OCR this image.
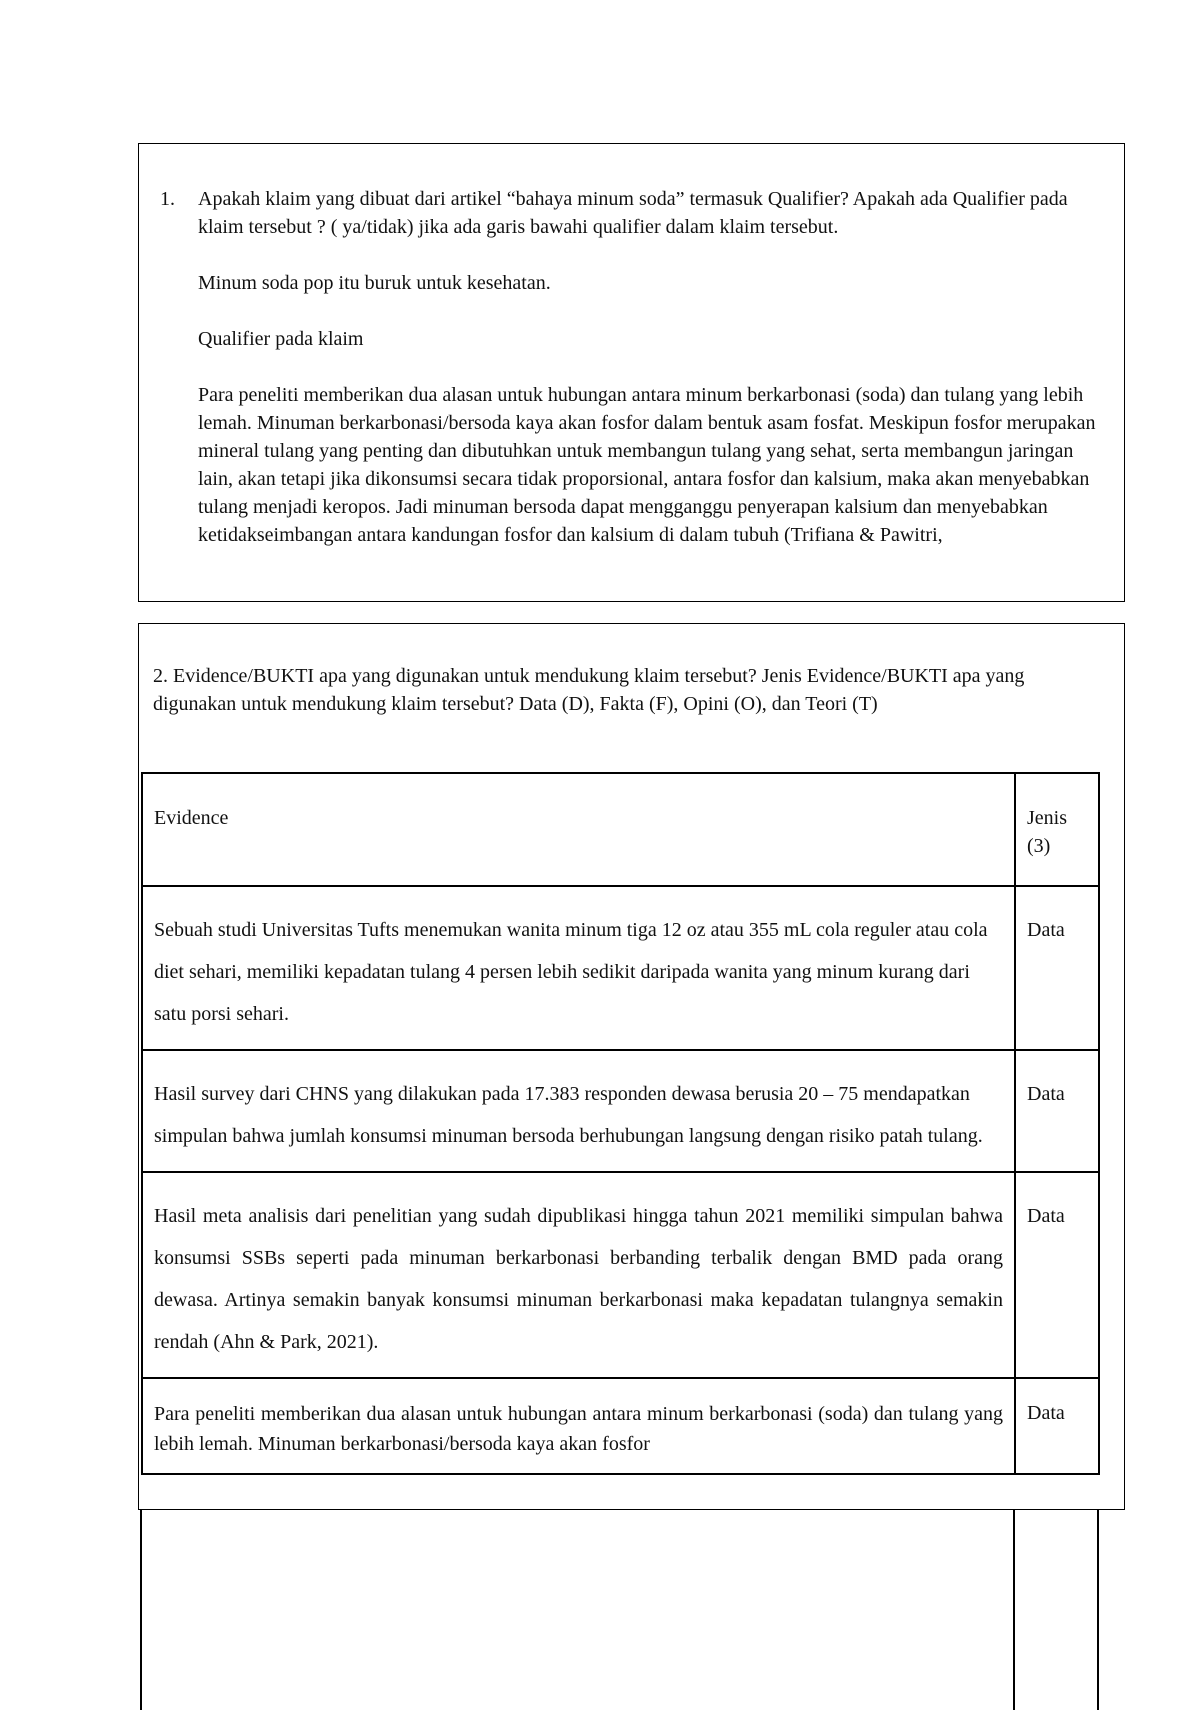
1. Apakah klaim yang dibuat dari artikel “bahaya minum soda” termasuk Qualifier? Apakah ada Qualifier pada klaim tersebut ? ( ya/tidak) jika ada garis bawahi qualifier dalam klaim tersebut.

Minum soda pop itu buruk untuk kesehatan.

Qualifier pada klaim

Para peneliti memberikan dua alasan untuk hubungan antara minum berkarbonasi (soda) dan tulang yang lebih lemah. Minuman berkarbonasi/bersoda kaya akan fosfor dalam bentuk asam fosfat. Meskipun fosfor merupakan mineral tulang yang penting dan dibutuhkan untuk membangun tulang yang sehat, serta membangun jaringan lain, akan tetapi jika dikonsumsi secara tidak proporsional, antara fosfor dan kalsium, maka akan menyebabkan tulang menjadi keropos. Jadi minuman bersoda dapat mengganggu penyerapan kalsium dan menyebabkan ketidakseimbangan antara kandungan fosfor dan kalsium di dalam tubuh (Trifiana & Pawitri,

2. Evidence/BUKTI apa yang digunakan untuk mendukung klaim tersebut? Jenis Evidence/BUKTI apa yang digunakan untuk mendukung klaim tersebut? Data (D), Fakta (F), Opini (O), dan Teori (T)

Evidence	Jenis (3)
Sebuah studi Universitas Tufts menemukan wanita minum tiga 12 oz atau 355 mL cola reguler atau cola diet sehari, memiliki kepadatan tulang 4 persen lebih sedikit daripada wanita yang minum kurang dari satu porsi sehari.	Data
Hasil survey dari CHNS yang dilakukan pada 17.383 responden dewasa berusia 20 – 75 mendapatkan simpulan bahwa jumlah konsumsi minuman bersoda berhubungan langsung dengan risiko patah tulang.	Data
Hasil meta analisis dari penelitian yang sudah dipublikasi hingga tahun 2021 memiliki simpulan bahwa konsumsi SSBs seperti pada minuman berkarbonasi berbanding terbalik dengan BMD pada orang dewasa. Artinya semakin banyak konsumsi minuman berkarbonasi maka kepadatan tulangnya semakin rendah (Ahn & Park, 2021).	Data
Para peneliti memberikan dua alasan untuk hubungan antara minum berkarbonasi (soda) dan tulang yang lebih lemah. Minuman berkarbonasi/bersoda kaya akan fosfor	Data
